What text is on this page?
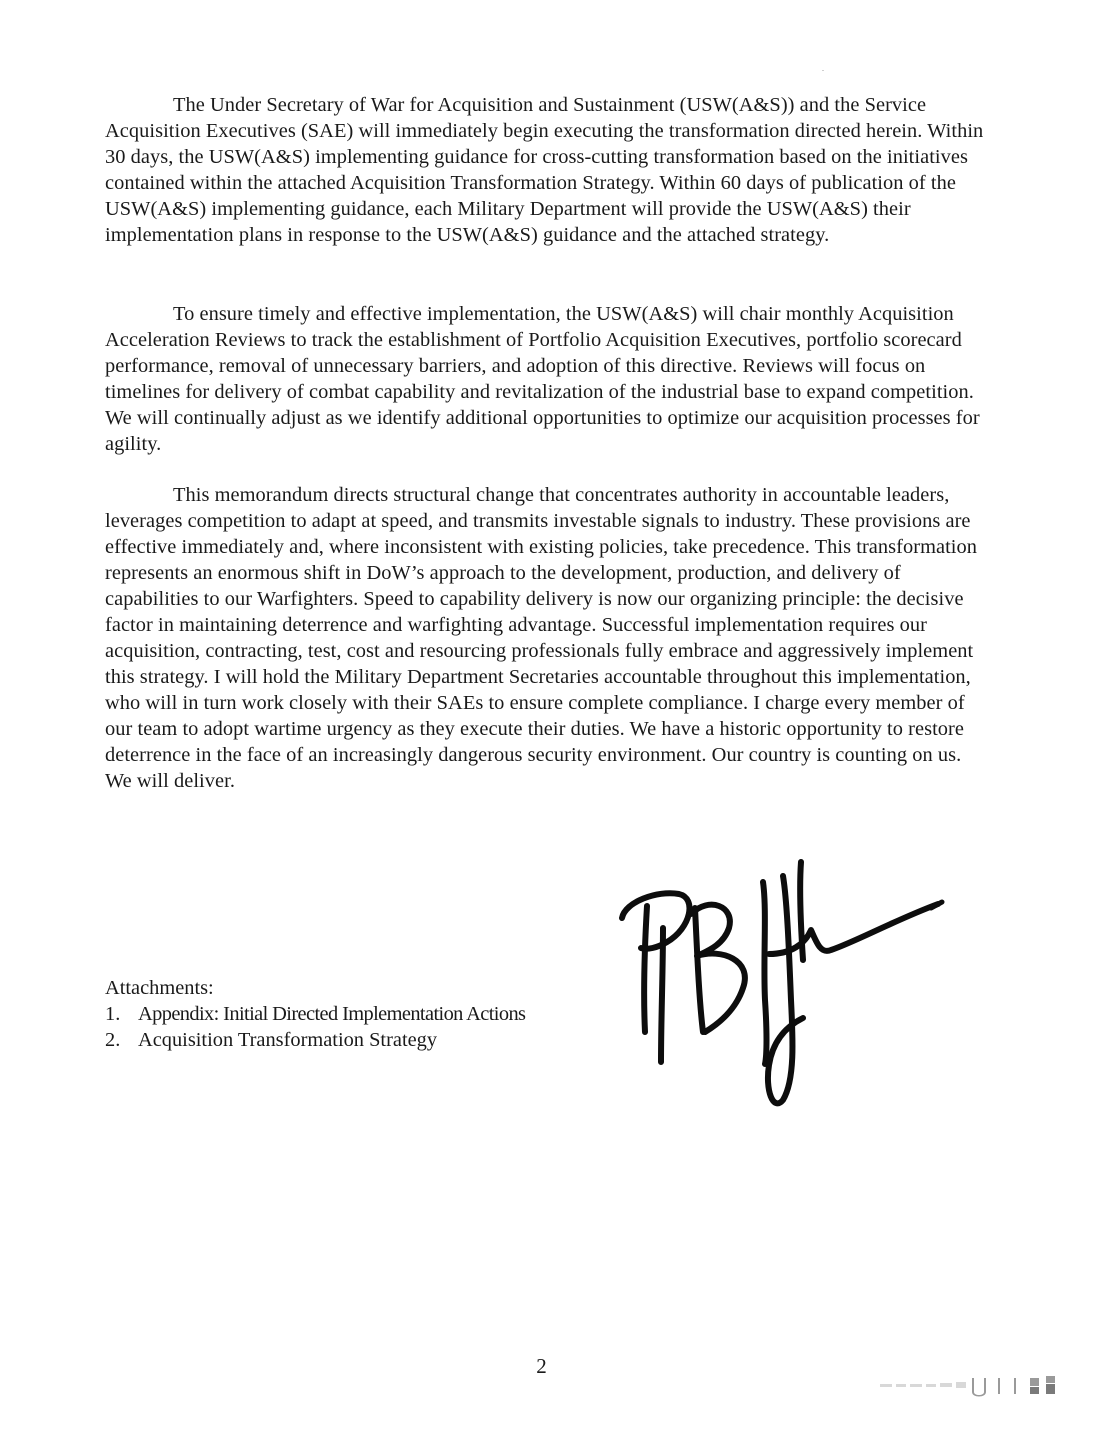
The Under Secretary of War for Acquisition and Sustainment (USW(A&S)) and the Service Acquisition Executives (SAE) will immediately begin executing the transformation directed herein. Within 30 days, the USW(A&S) implementing guidance for cross-cutting transformation based on the initiatives contained within the attached Acquisition Transformation Strategy. Within 60 days of publication of the USW(A&S) implementing guidance, each Military Department will provide the USW(A&S) their implementation plans in response to the USW(A&S) guidance and the attached strategy.

To ensure timely and effective implementation, the USW(A&S) will chair monthly Acquisition Acceleration Reviews to track the establishment of Portfolio Acquisition Executives, portfolio scorecard performance, removal of unnecessary barriers, and adoption of this directive. Reviews will focus on timelines for delivery of combat capability and revitalization of the industrial base to expand competition. We will continually adjust as we identify additional opportunities to optimize our acquisition processes for agility.

This memorandum directs structural change that concentrates authority in accountable leaders, leverages competition to adapt at speed, and transmits investable signals to industry. These provisions are effective immediately and, where inconsistent with existing policies, take precedence. This transformation represents an enormous shift in DoW’s approach to the development, production, and delivery of capabilities to our Warfighters. Speed to capability delivery is now our organizing principle: the decisive factor in maintaining deterrence and warfighting advantage. Successful implementation requires our acquisition, contracting, test, cost and resourcing professionals fully embrace and aggressively implement this strategy. I will hold the Military Department Secretaries accountable throughout this implementation, who will in turn work closely with their SAEs to ensure complete compliance. I charge every member of our team to adopt wartime urgency as they execute their duties. We have a historic opportunity to restore deterrence in the face of an increasingly dangerous security environment. Our country is counting on us. We will deliver.

Attachments:
1. Appendix: Initial Directed Implementation Actions
2. Acquisition Transformation Strategy
2
